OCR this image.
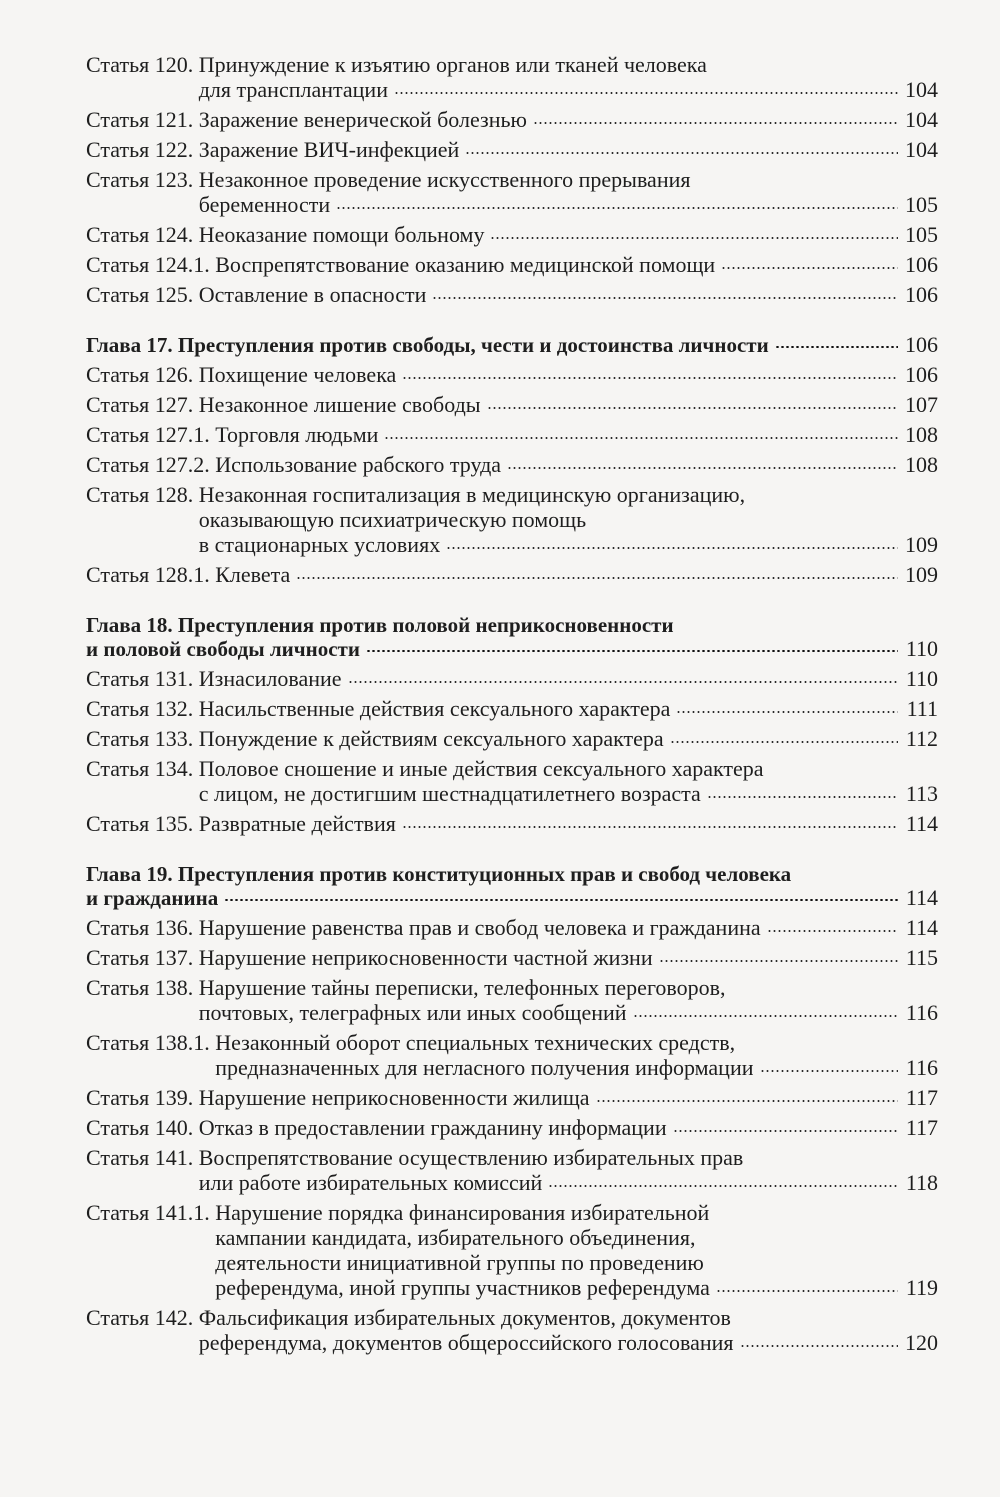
Статья 120. Принуждение к изъятию органов или тканей человека
для трансплантации	104
Статья 121. Заражение венерической болезнью	104
Статья 122. Заражение ВИЧ-инфекцией	104
Статья 123. Незаконное проведение искусственного прерывания
беременности	105
Статья 124. Неоказание помощи больному	105
Статья 124.1. Воспрепятствование оказанию медицинской помощи	106
Статья 125. Оставление в опасности	106
Глава 17. Преступления против свободы, чести и достоинства личности	106
Статья 126. Похищение человека	106
Статья 127. Незаконное лишение свободы	107
Статья 127.1. Торговля людьми	108
Статья 127.2. Использование рабского труда	108
Статья 128. Незаконная госпитализация в медицинскую организацию,
оказывающую психиатрическую помощь
в стационарных условиях	109
Статья 128.1. Клевета	109
Глава 18. Преступления против половой неприкосновенности
и половой свободы личности	110
Статья 131. Изнасилование	110
Статья 132. Насильственные действия сексуального характера	111
Статья 133. Понуждение к действиям сексуального характера	112
Статья 134. Половое сношение и иные действия сексуального характера
с лицом, не достигшим шестнадцатилетнего возраста	113
Статья 135. Развратные действия	114
Глава 19. Преступления против конституционных прав и свобод человека
и гражданина	114
Статья 136. Нарушение равенства прав и свобод человека и гражданина	114
Статья 137. Нарушение неприкосновенности частной жизни	115
Статья 138. Нарушение тайны переписки, телефонных переговоров,
почтовых, телеграфных или иных сообщений	116
Статья 138.1. Незаконный оборот специальных технических средств,
предназначенных для негласного получения информации	116
Статья 139. Нарушение неприкосновенности жилища	117
Статья 140. Отказ в предоставлении гражданину информации	117
Статья 141. Воспрепятствование осуществлению избирательных прав
или работе избирательных комиссий	118
Статья 141.1. Нарушение порядка финансирования избирательной
кампании кандидата, избирательного объединения,
деятельности инициативной группы по проведению
референдума, иной группы участников референдума	119
Статья 142. Фальсификация избирательных документов, документов
референдума, документов общероссийского голосования	120
